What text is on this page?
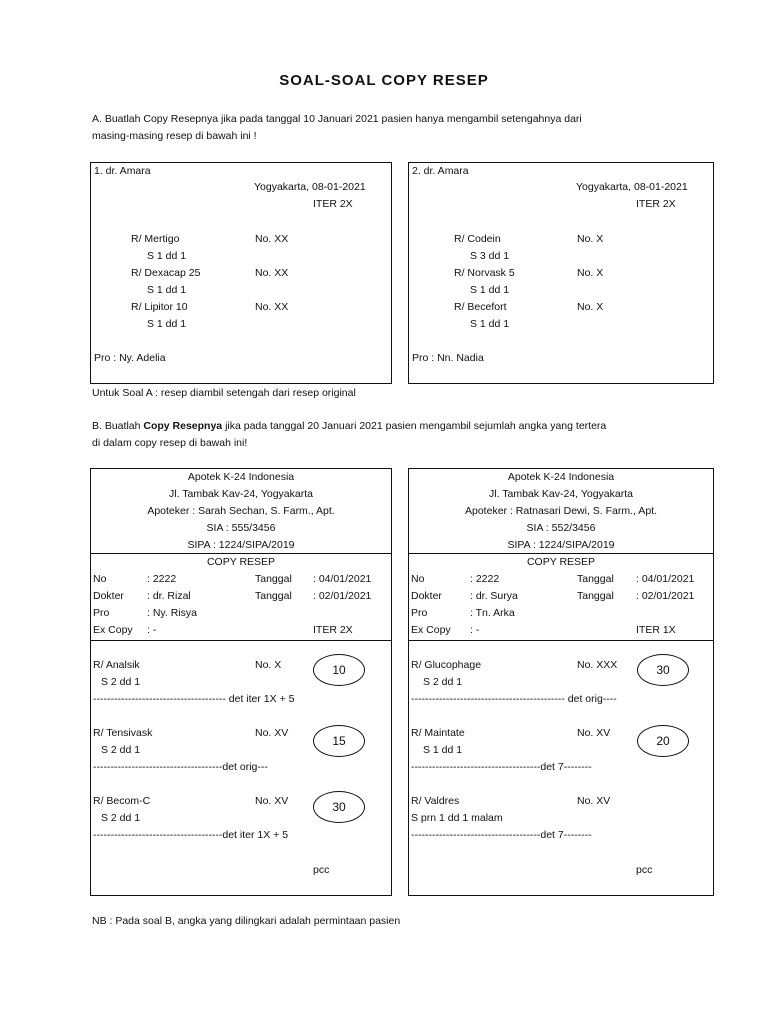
SOAL-SOAL COPY RESEP
A. Buatlah Copy Resepnya jika pada tanggal 10 Januari 2021 pasien hanya mengambil setengahnya dari
masing-masing resep di bawah ini !
1. dr. Amara
Yogyakarta, 08-01-2021
ITER 2X
R/ Mertigo	No. XX
S 1 dd 1
R/ Dexacap 25	No. XX
S 1 dd 1
R/ Lipitor 10	No. XX
S 1 dd 1
Pro : Ny. Adelia
2. dr. Amara
Yogyakarta, 08-01-2021
ITER 2X
R/ Codein	No. X
S 3 dd 1
R/ Norvask 5	No. X
S 1 dd 1
R/ Becefort	No. X
S 1 dd 1
Pro : Nn. Nadia
Untuk Soal A : resep diambil setengah dari resep original
B. Buatlah Copy Resepnya jika pada tanggal 20 Januari 2021 pasien mengambil sejumlah angka yang tertera
di dalam copy resep di bawah ini!
Apotek K-24 Indonesia
Jl. Tambak Kav-24, Yogyakarta
Apoteker : Sarah Sechan, S. Farm., Apt.
SIA : 555/3456
SIPA : 1224/SIPA/2019
COPY RESEP
No	: 2222	Tanggal : 04/01/2021
Dokter : dr. Rizal	Tanggal : 02/01/2021
Pro	: Ny. Risya
Ex Copy : -	ITER 2X
R/ Analsik	No. X
S 2 dd 1
-------------------------------------- det iter 1X + 5
10
R/ Tensivask	No. XV
S 2 dd 1
-------------------------------------det orig---
15
R/ Becom-C	No. XV
S 2 dd 1
-------------------------------------det iter 1X + 5
30
pcc
Apotek K-24 Indonesia
Jl. Tambak Kav-24, Yogyakarta
Apoteker : Ratnasari Dewi, S. Farm., Apt.
SIA : 552/3456
SIPA : 1224/SIPA/2019
COPY RESEP
No	: 2222	Tanggal : 04/01/2021
Dokter	: dr. Surya	Tanggal : 02/01/2021
Pro	: Tn. Arka
Ex Copy : -	ITER 1X
R/ Glucophage	No. XXX
S 2 dd 1
-------------------------------------------- det orig----
30
R/ Maintate	No. XV
S 1 dd 1
-------------------------------------det 7--------
20
R/ Valdres	No. XV
S prn 1 dd 1 malam
-------------------------------------det 7--------
pcc
NB : Pada soal B, angka yang dilingkari adalah permintaan pasien
